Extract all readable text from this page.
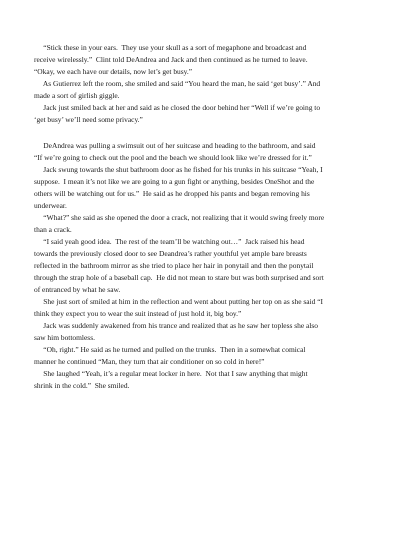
“Stick these in your ears.  They use your skull as a sort of megaphone and broadcast and

receive wirelessly.”  Clint told DeAndrea and Jack and then continued as he turned to leave.

“Okay, we each have our details, now let’s get busy.”

As Gutierrez left the room, she smiled and said “You heard the man, he said ‘get busy’.” And

made a sort of girlish giggle.

Jack just smiled back at her and said as he closed the door behind her “Well if we’re going to

‘get busy’ we’ll need some privacy.”

DeAndrea was pulling a swimsuit out of her suitcase and heading to the bathroom, and said

“If we’re going to check out the pool and the beach we should look like we’re dressed for it.”

Jack swung towards the shut bathroom door as he fished for his trunks in his suitcase “Yeah, I

suppose.  I mean it’s not like we are going to a gun fight or anything, besides OneShot and the

others will be watching out for us.”  He said as he dropped his pants and began removing his

underwear.

“What?” she said as she opened the door a crack, not realizing that it would swing freely more

than a crack.

“I said yeah good idea.  The rest of the team’ll be watching out…”  Jack raised his head

towards the previously closed door to see Deandrea’s rather youthful yet ample bare breasts

reflected in the bathroom mirror as she tried to place her hair in ponytail and then the ponytail

through the strap hole of a baseball cap.  He did not mean to stare but was both surprised and sort

of entranced by what he saw.

She just sort of smiled at him in the reflection and went about putting her top on as she said “I

think they expect you to wear the suit instead of just hold it, big boy.”

Jack was suddenly awakened from his trance and realized that as he saw her topless she also

saw him bottomless.

“Oh, right.” He said as he turned and pulled on the trunks.  Then in a somewhat comical

manner he continued “Man, they turn that air conditioner on so cold in here!”

She laughed “Yeah, it’s a regular meat locker in here.  Not that I saw anything that might

shrink in the cold.”  She smiled.
